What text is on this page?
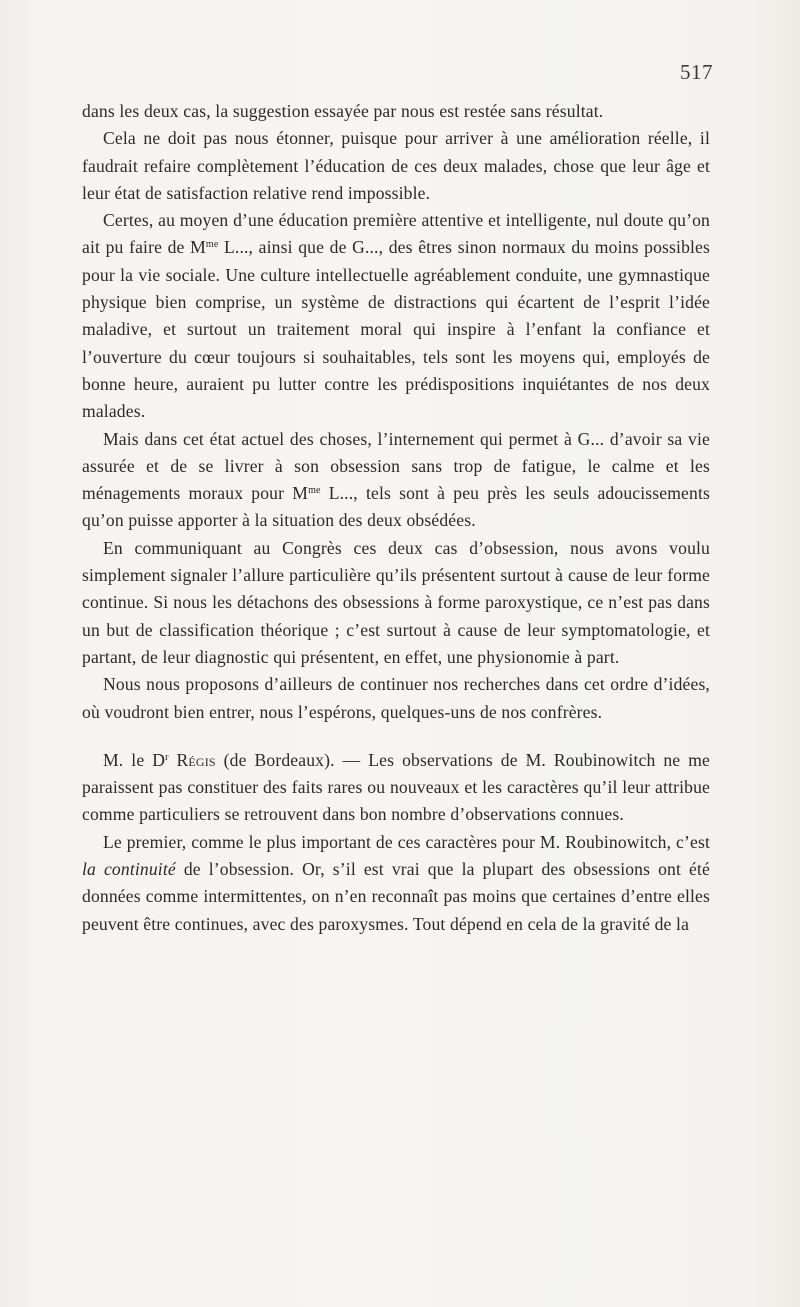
517

dans les deux cas, la suggestion essayée par nous est restée sans résultat.

Cela ne doit pas nous étonner, puisque pour arriver à une amélioration réelle, il faudrait refaire complètement l’éducation de ces deux malades, chose que leur âge et leur état de satisfaction relative rend impossible.

Certes, au moyen d’une éducation première attentive et intelligente, nul doute qu’on ait pu faire de $M^{me}$ L..., ainsi que de G..., des êtres sinon normaux du moins possibles pour la vie sociale. Une culture intellectuelle agréablement conduite, une gymnastique physique bien comprise, un système de distractions qui écartent de l’esprit l’idée maladive, et surtout un traitement moral qui inspire à l’enfant la confiance et l’ouverture du cœur toujours si souhaitables, tels sont les moyens qui, employés de bonne heure, auraient pu lutter contre les prédispositions inquiétantes de nos deux malades.

Mais dans cet état actuel des choses, l’internement qui permet à G... d’avoir sa vie assurée et de se livrer à son obsession sans trop de fatigue, le calme et les ménagements moraux pour $M^{me}$ L..., tels sont à peu près les seuls adoucissements qu’on puisse apporter à la situation des deux obsédées.

En communiquant au Congrès ces deux cas d’obsession, nous avons voulu simplement signaler l’allure particulière qu’ils présentent surtout à cause de leur forme continue. Si nous les détachons des obsessions à forme paroxystique, ce n’est pas dans un but de classification théorique ; c’est surtout à cause de leur symptomatologie, et partant, de leur diagnostic qui présentent, en effet, une physionomie à part.

Nous nous proposons d’ailleurs de continuer nos recherches dans cet ordre d’idées, où voudront bien entrer, nous l’espérons, quelques-uns de nos confrères.

M. le $D^r$ Régis (de Bordeaux). — Les observations de M. Roubinowitch ne me paraissent pas constituer des faits rares ou nouveaux et les caractères qu’il leur attribue comme particuliers se retrouvent dans bon nombre d’observations connues.

Le premier, comme le plus important de ces caractères pour M. Roubinowitch, c’est la continuité de l’obsession. Or, s’il est vrai que la plupart des obsessions ont été données comme intermittentes, on n’en reconnaît pas moins que certaines d’entre elles peuvent être continues, avec des paroxysmes. Tout dépend en cela de la gravité de la
